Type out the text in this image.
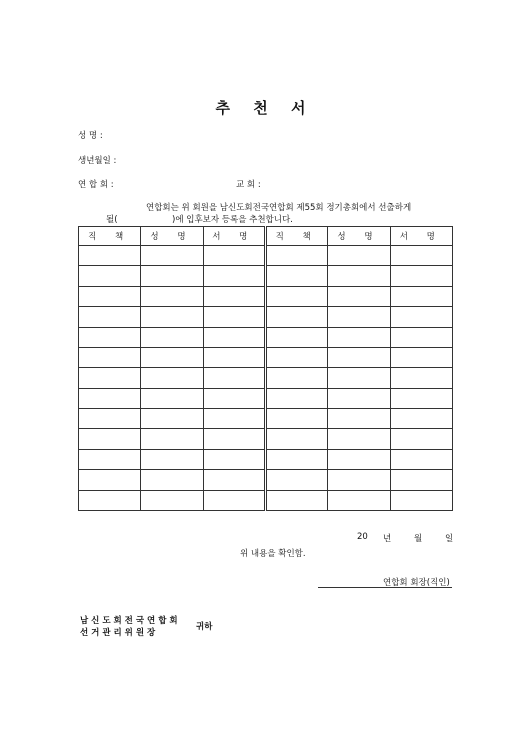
추 천 서
성 명 :
생년월일 :
연 합 회 :	교 회 :
연합회는 위 회원을 남신도회전국연합회 제55회 정기총회에서 선출하게
될(	)에 입후보자 등록을 추천합니다.
직 책	성 명	서 명	직 책	성 명	서 명

20 년	월	일
위 내용을 확인함.
연합회 회장(직인)
남 신 도 회 전 국 연 합 회
선 거 관 리 위 원 장
귀하
